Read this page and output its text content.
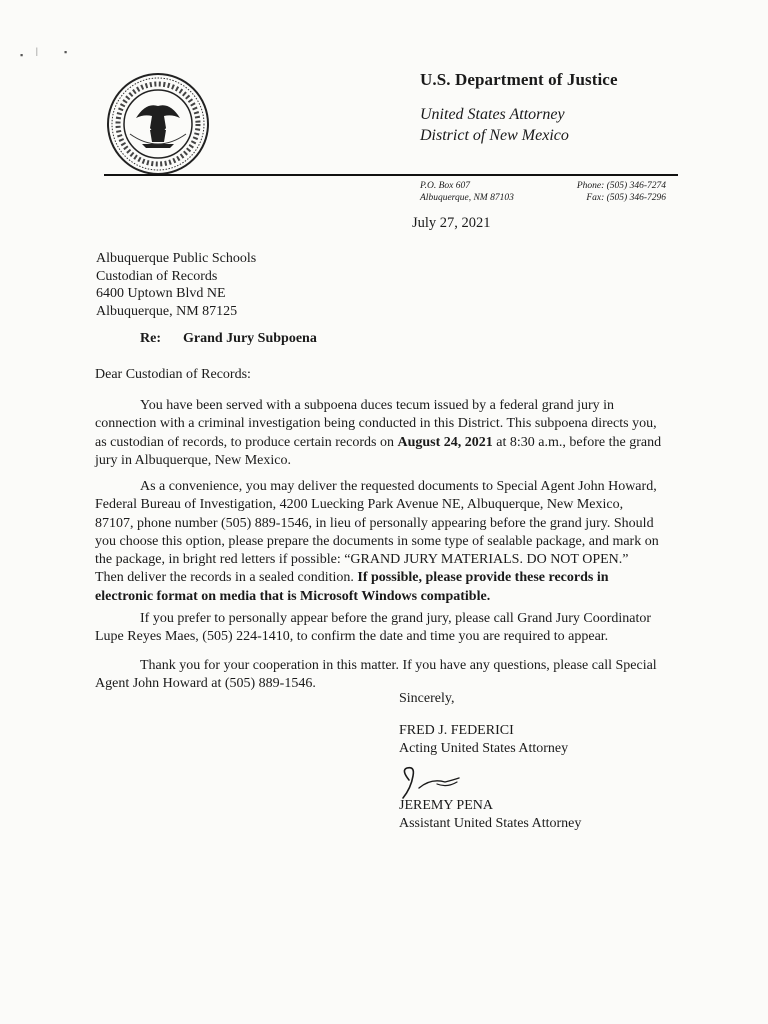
▪ |	▪
U.S. Department of Justice
United States Attorney
District of New Mexico
P.O. Box 607
Albuquerque, NM 87103
Phone: (505) 346-7274
Fax: (505) 346-7296
July 27, 2021
Albuquerque Public Schools
Custodian of Records
6400 Uptown Blvd NE
Albuquerque, NM 87125
Re: Grand Jury Subpoena
Dear Custodian of Records:
You have been served with a subpoena duces tecum issued by a federal grand jury in
connection with a criminal investigation being conducted in this District. This subpoena directs you,
as custodian of records, to produce certain records on August 24, 2021 at 8:30 a.m., before the grand
jury in Albuquerque, New Mexico.
As a convenience, you may deliver the requested documents to Special Agent John Howard,
Federal Bureau of Investigation, 4200 Luecking Park Avenue NE, Albuquerque, New Mexico,
87107, phone number (505) 889-1546, in lieu of personally appearing before the grand jury. Should
you choose this option, please prepare the documents in some type of sealable package, and mark on
the package, in bright red letters if possible: “GRAND JURY MATERIALS. DO NOT OPEN.”
Then deliver the records in a sealed condition. If possible, please provide these records in
electronic format on media that is Microsoft Windows compatible.
If you prefer to personally appear before the grand jury, please call Grand Jury Coordinator
Lupe Reyes Maes, (505) 224-1410, to confirm the date and time you are required to appear.
Thank you for your cooperation in this matter. If you have any questions, please call Special
Agent John Howard at (505) 889-1546.
Sincerely,
FRED J. FEDERICI
Acting United States Attorney
JEREMY PENA
Assistant United States Attorney
